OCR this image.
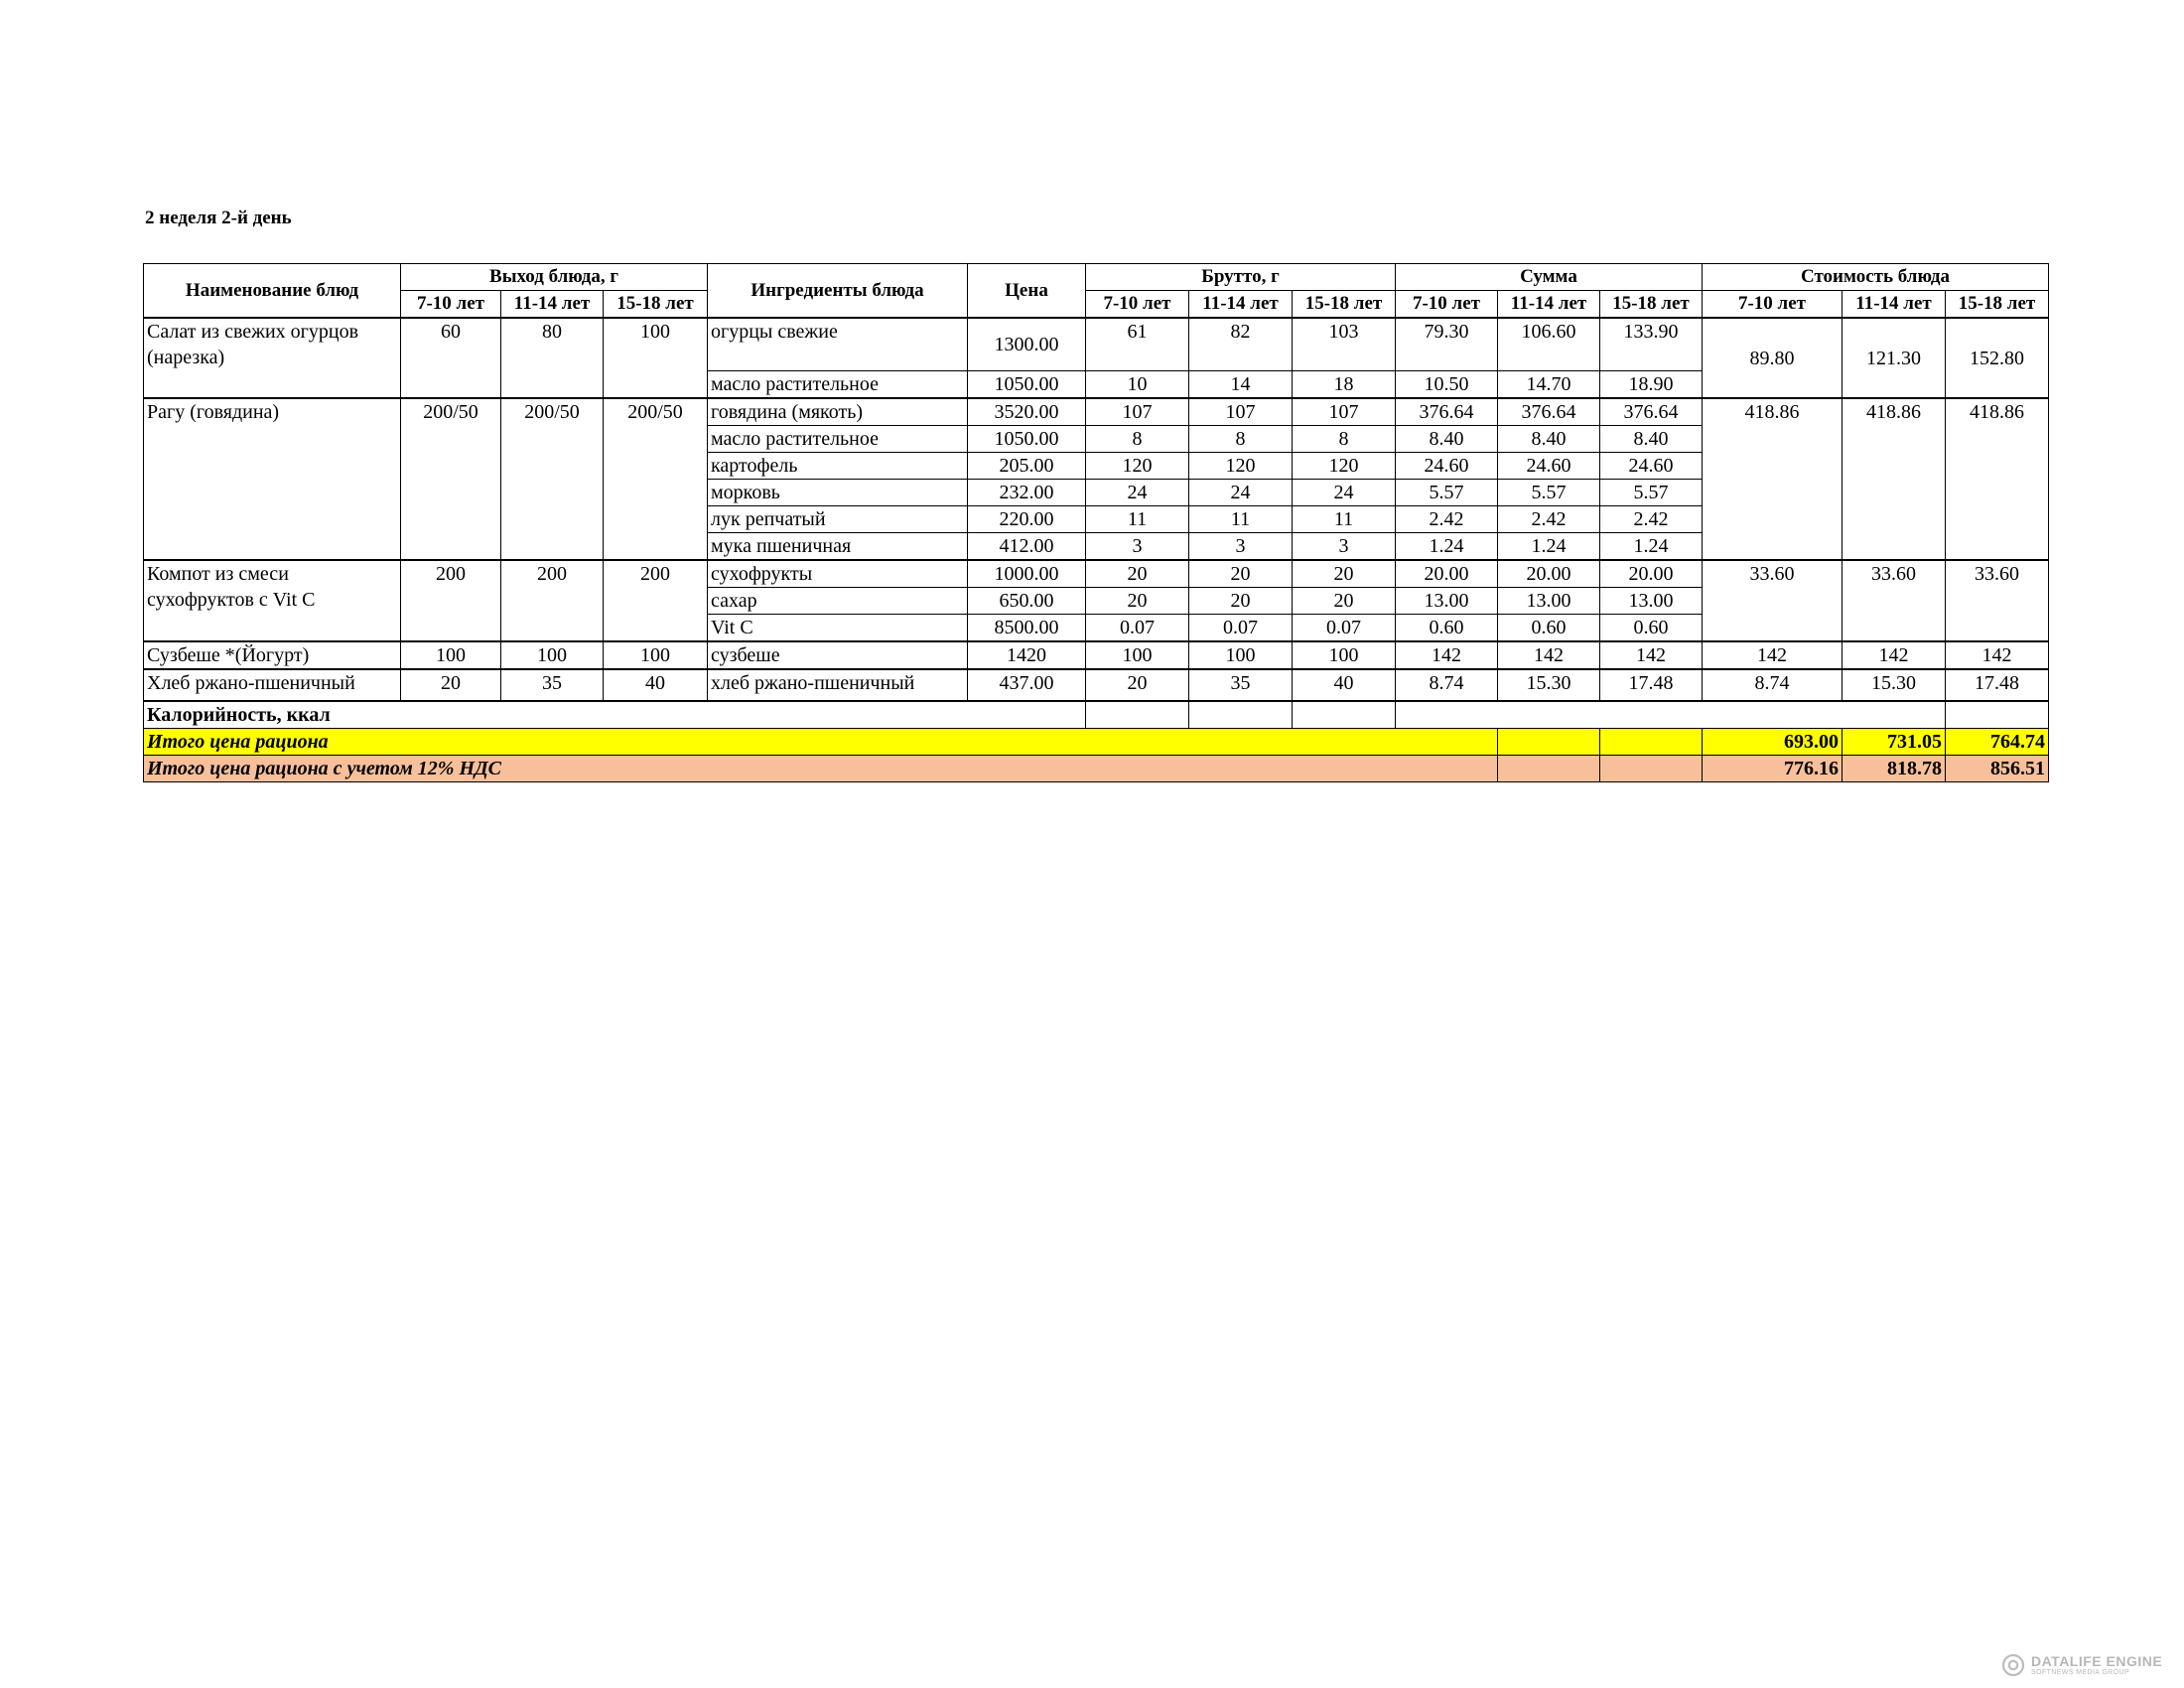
2 неделя 2-й день
Наименование блюд	Выход блюда, г			Ингредиенты блюда	Цена	Брутто, г			Сумма			Стоимость блюда		
	7-10 лет	11-14 лет	15-18 лет			7-10 лет	11-14 лет	15-18 лет	7-10 лет	11-14 лет	15-18 лет	7-10 лет	11-14 лет	15-18 лет
Салат из свежих огурцов (нарезка)	60	80	100	огурцы свежие	1300.00	61	82	103	79.30	106.60	133.90	89.80	121.30	152.80
				масло растительное	1050.00	10	14	18	10.50	14.70	18.90			
Рагу (говядина)	200/50	200/50	200/50	говядина (мякоть)	3520.00	107	107	107	376.64	376.64	376.64	418.86	418.86	418.86
				масло растительное	1050.00	8	8	8	8.40	8.40	8.40			
				картофель	205.00	120	120	120	24.60	24.60	24.60			
				морковь	232.00	24	24	24	5.57	5.57	5.57			
				лук репчатый	220.00	11	11	11	2.42	2.42	2.42			
				мука пшеничная	412.00	3	3	3	1.24	1.24	1.24			
Компот из смеси сухофруктов с Vit C	200	200	200	сухофрукты	1000.00	20	20	20	20.00	20.00	20.00	33.60	33.60	33.60
				сахар	650.00	20	20	20	13.00	13.00	13.00			
				Vit C	8500.00	0.07	0.07	0.07	0.60	0.60	0.60			
Сузбеше *(Йогурт)	100	100	100	сузбеше	1420	100	100	100	142	142	142	142	142	142
Хлеб ржано-пшеничный	20	35	40	хлеб ржано-пшеничный	437.00	20	35	40	8.74	15.30	17.48	8.74	15.30	17.48
Калорийность, ккал														
Итого цена рациона												693.00	731.05	764.74
Итого цена рациона с учетом 12% НДС												776.16	818.78	856.51
DATALIFE ENGINE
SOFTNEWS MEDIA GROUP
